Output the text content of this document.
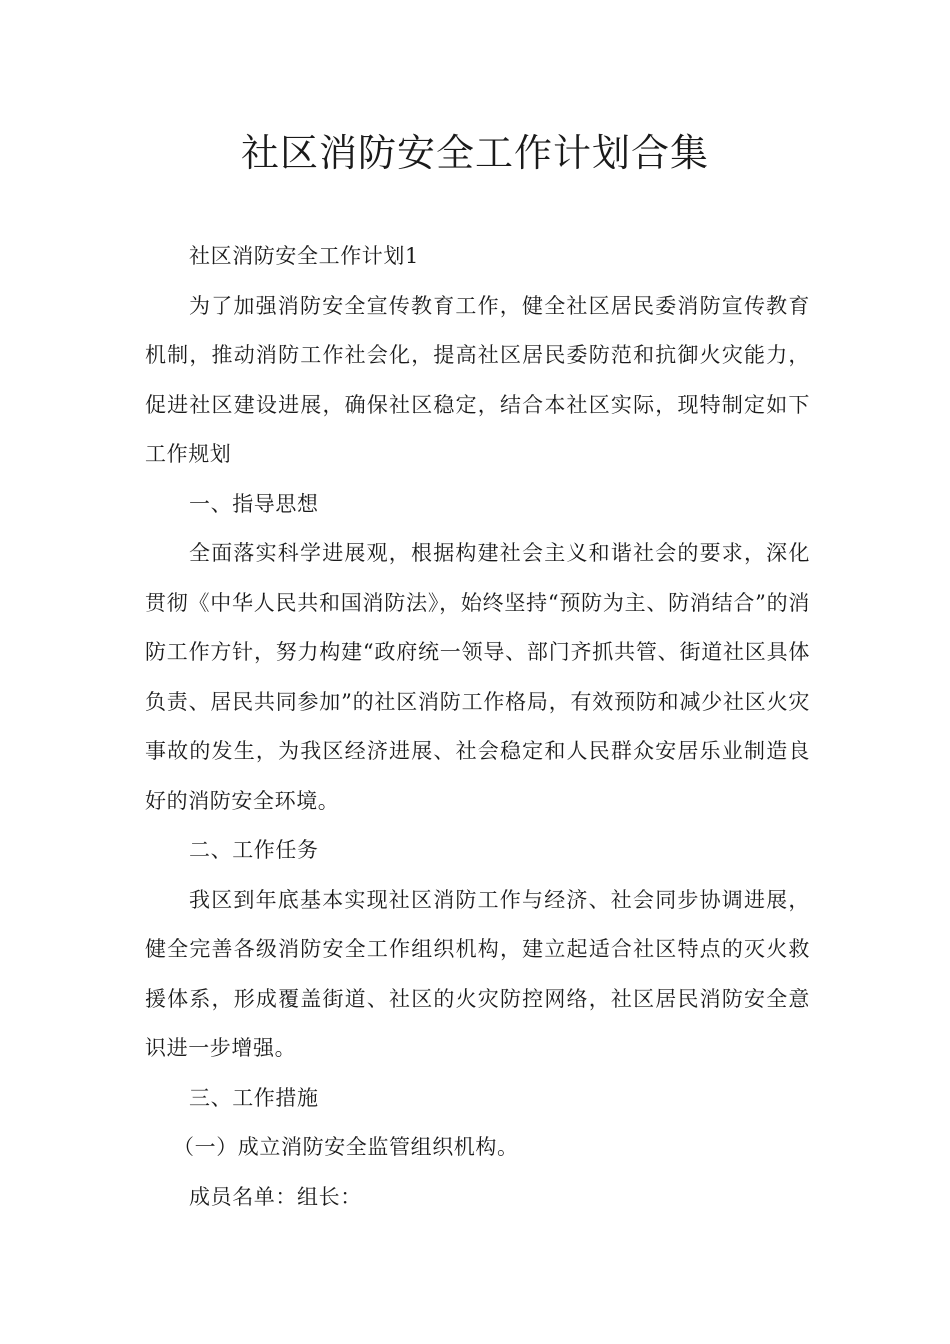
社区消防安全工作计划合集

社区消防安全工作计划1

为了加强消防安全宣传教育工作，健全社区居民委消防宣传教育机制，推动消防工作社会化，提高社区居民委防范和抗御火灾能力，促进社区建设进展，确保社区稳定，结合本社区实际，现特制定如下工作规划

一、指导思想

全面落实科学进展观，根据构建社会主义和谐社会的要求，深化贯彻《中华人民共和国消防法》，始终坚持“预防为主、防消结合”的消防工作方针，努力构建“政府统一领导、部门齐抓共管、街道社区具体负责、居民共同参加”的社区消防工作格局，有效预防和减少社区火灾事故的发生，为我区经济进展、社会稳定和人民群众安居乐业制造良好的消防安全环境。

二、工作任务

我区到年底基本实现社区消防工作与经济、社会同步协调进展，健全完善各级消防安全工作组织机构，建立起适合社区特点的灭火救援体系，形成覆盖街道、社区的火灾防控网络，社区居民消防安全意识进一步增强。

三、工作措施

（一）成立消防安全监管组织机构。

成员名单：组长：
